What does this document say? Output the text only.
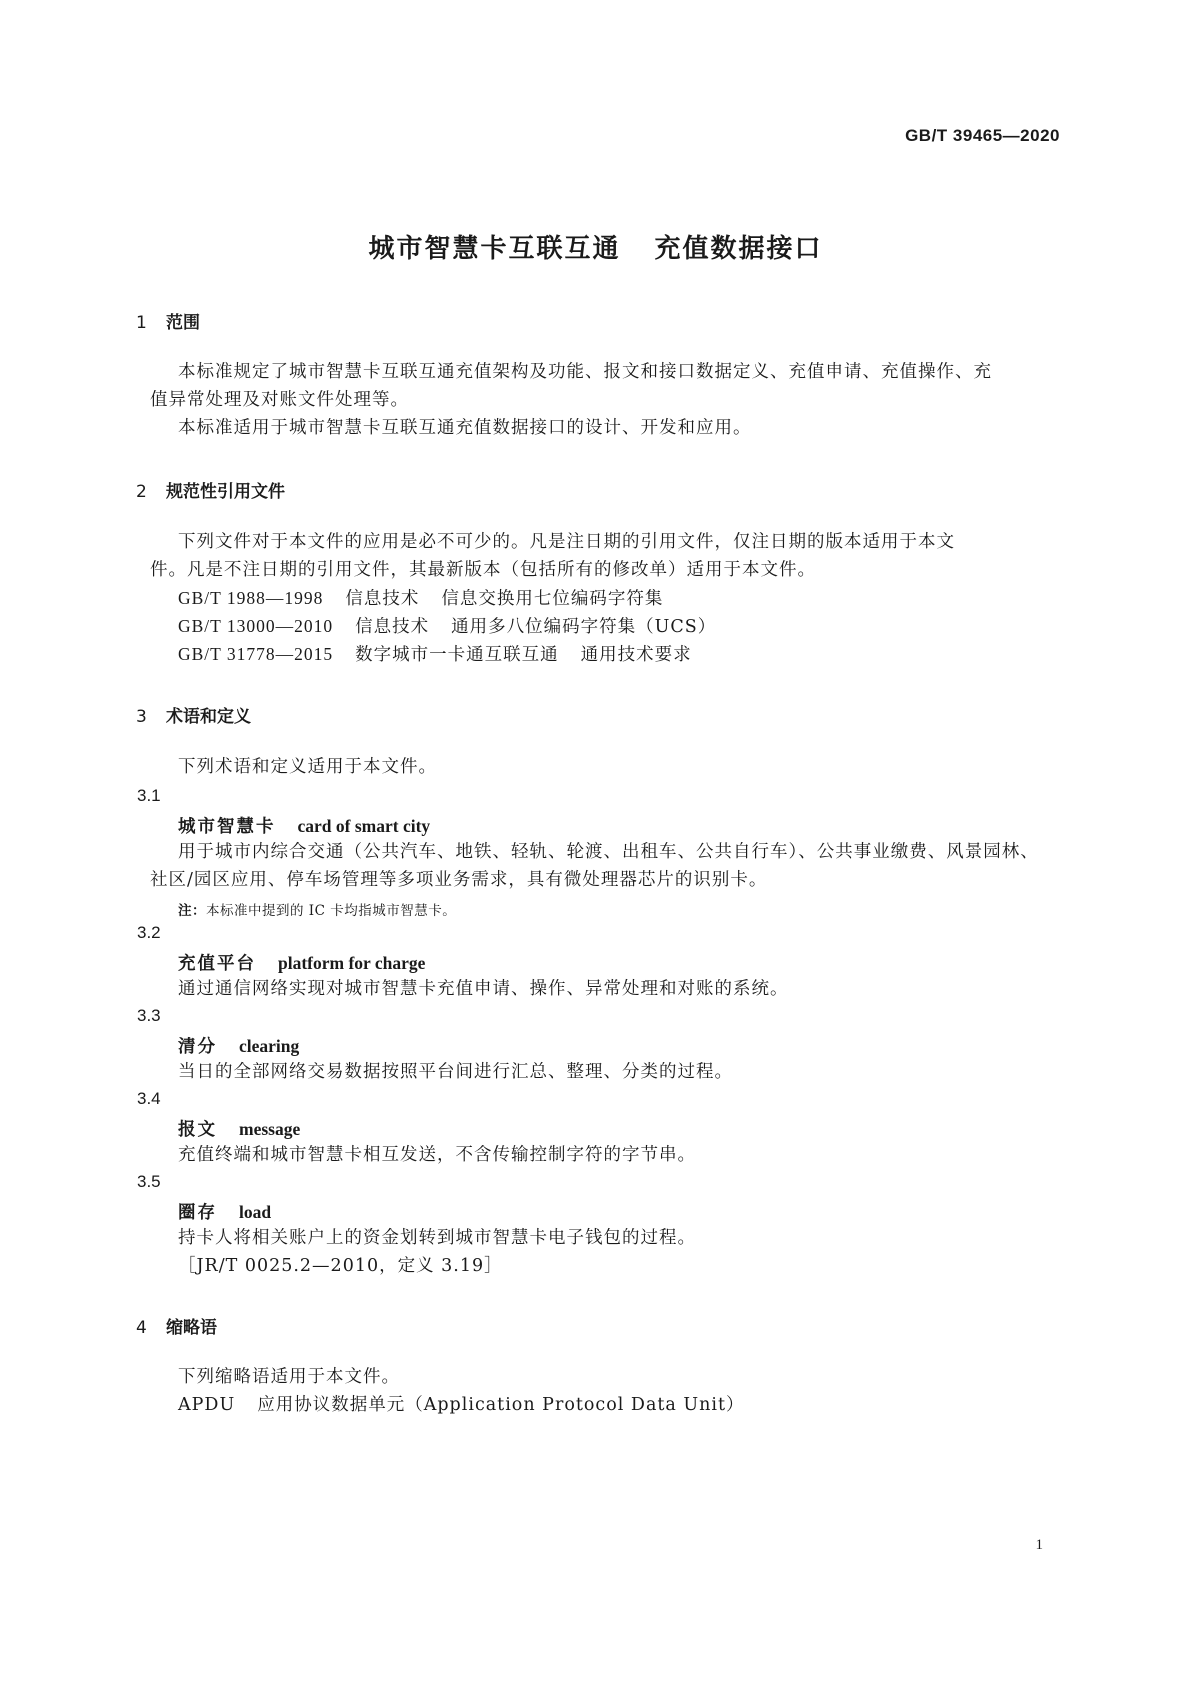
GB/T 39465—2020
城市智慧卡互联互通 充值数据接口
1 范围
本标准规定了城市智慧卡互联互通充值架构及功能、报文和接口数据定义、充值申请、充值操作、充
值异常处理及对账文件处理等。
本标准适用于城市智慧卡互联互通充值数据接口的设计、开发和应用。
2 规范性引用文件
下列文件对于本文件的应用是必不可少的。凡是注日期的引用文件，仅注日期的版本适用于本文
件。凡是不注日期的引用文件，其最新版本（包括所有的修改单）适用于本文件。
GB/T 1988—1998 信息技术 信息交换用七位编码字符集
GB/T 13000—2010 信息技术 通用多八位编码字符集（UCS）
GB/T 31778—2015 数字城市一卡通互联互通 通用技术要求
3 术语和定义
下列术语和定义适用于本文件。
3.1
城市智慧卡 card of smart city
用于城市内综合交通（公共汽车、地铁、轻轨、轮渡、出租车、公共自行车）、公共事业缴费、风景园林、
社区/园区应用、停车场管理等多项业务需求，具有微处理器芯片的识别卡。
注：本标准中提到的 IC 卡均指城市智慧卡。
3.2
充值平台 platform for charge
通过通信网络实现对城市智慧卡充值申请、操作、异常处理和对账的系统。
3.3
清分 clearing
当日的全部网络交易数据按照平台间进行汇总、整理、分类的过程。
3.4
报文 message
充值终端和城市智慧卡相互发送，不含传输控制字符的字节串。
3.5
圈存 load
持卡人将相关账户上的资金划转到城市智慧卡电子钱包的过程。
［JR/T 0025.2—2010，定义 3.19］
4 缩略语
下列缩略语适用于本文件。
APDU 应用协议数据单元（Application Protocol Data Unit）
1
